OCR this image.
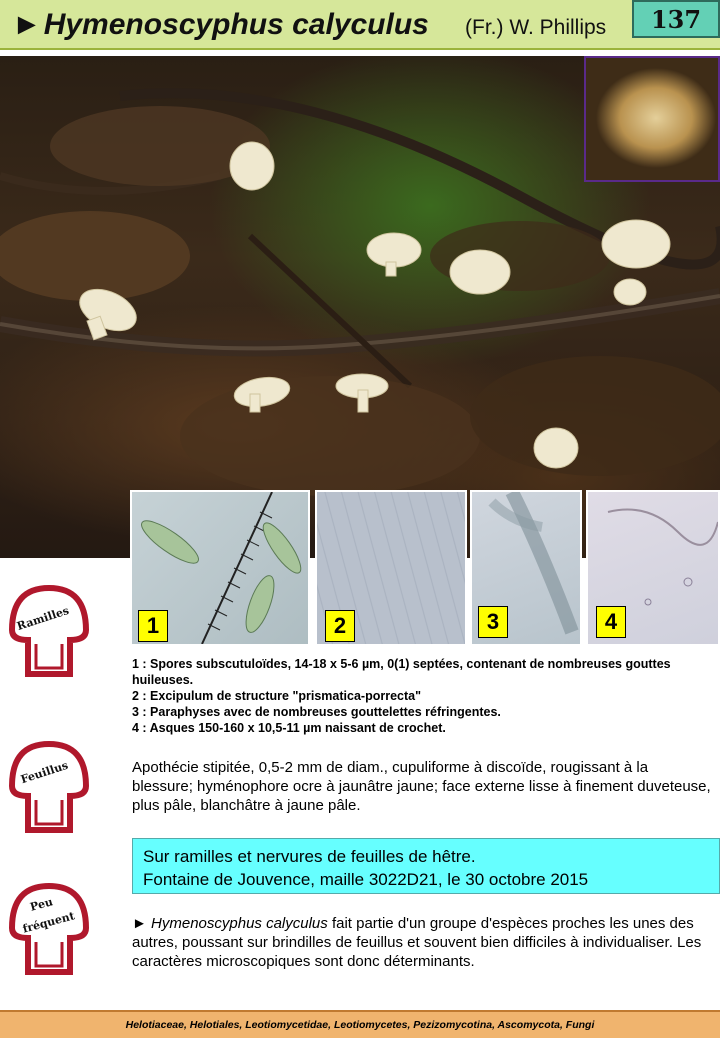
►Hymenoscyphus calyculus (Fr.) W. Phillips	137
1	2	3	4
Ramilles
Feuillus
Peu
fréquent
1 : Spores subscutuloïdes, 14-18 x 5-6 µm, 0(1) septées, contenant de nombreuses gouttes huileuses.
2 : Excipulum de structure "prismatica-porrecta"
3 : Paraphyses avec de nombreuses gouttelettes réfringentes.
4 : Asques 150-160 x 10,5-11 µm naissant de crochet.
Apothécie stipitée, 0,5-2 mm de diam., cupuliforme à discoïde, rougissant à la blessure; hyménophore ocre à jaunâtre jaune; face externe lisse à finement duveteuse, plus pâle, blanchâtre à jaune pâle.
Sur ramilles et nervures de feuilles de hêtre.
Fontaine de Jouvence, maille 3022D21, le 30 octobre 2015
► Hymenoscyphus calyculus fait partie d'un groupe d'espèces proches les unes des autres, poussant sur brindilles de feuillus et souvent bien difficiles à individualiser. Les caractères microscopiques sont donc déterminants.
Helotiaceae, Helotiales, Leotiomycetidae, Leotiomycetes, Pezizomycotina, Ascomycota, Fungi
